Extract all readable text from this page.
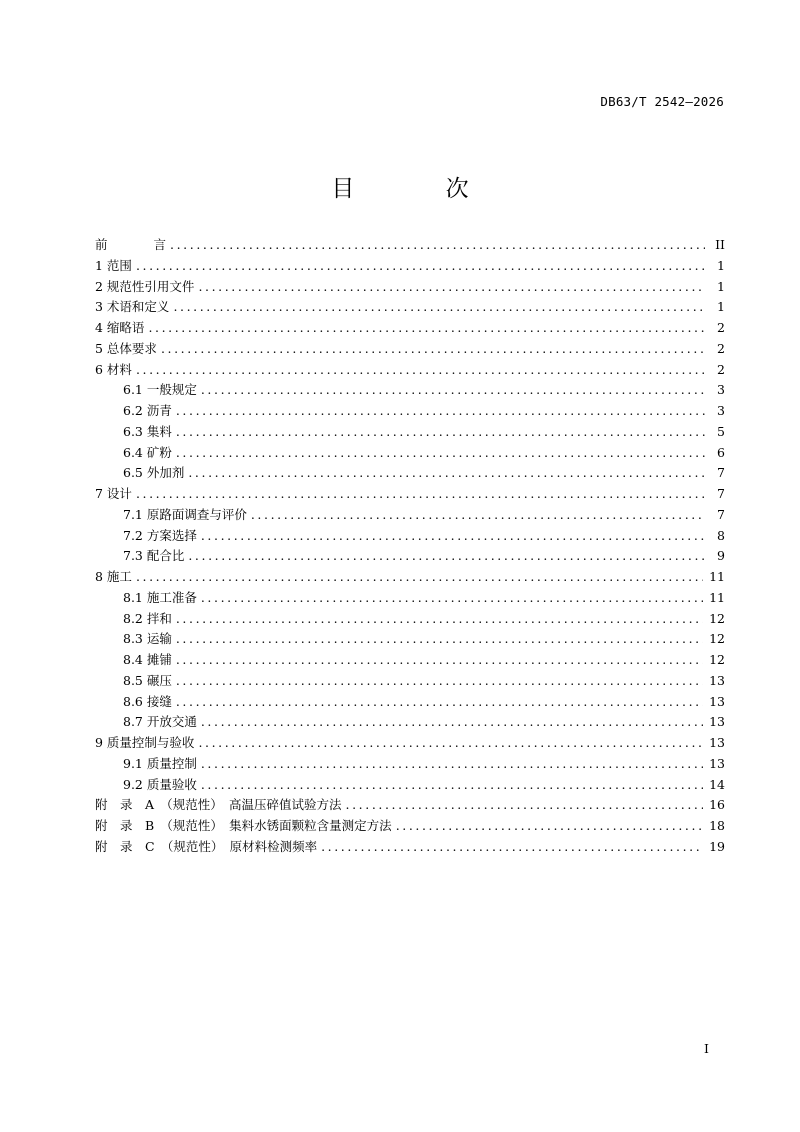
DB63/T 2542—2026
目 次
前	言 .....	II
1 范围 .....	1
2 规范性引用文件 .....	1
3 术语和定义 .....	1
4 缩略语 .....	2
5 总体要求 .....	2
6 材料 .....	2
6.1 一般规定 .....	3
6.2 沥青 .....	3
6.3 集料 .....	5
6.4 矿粉 .....	6
6.5 外加剂 .....	7
7 设计 .....	7
7.1 原路面调查与评价 .....	7
7.2 方案选择 .....	8
7.3 配合比 .....	9
8 施工 .....	11
8.1 施工准备 .....	11
8.2 拌和 .....	12
8.3 运输 .....	12
8.4 摊铺 .....	12
8.5 碾压 .....	13
8.6 接缝 .....	13
8.7 开放交通 .....	13
9 质量控制与验收 .....	13
9.1 质量控制 .....	13
9.2 质量验收 .....	14
附　录　A　（规范性）　高温压碎值试验方法 .....	16
附　录　B　（规范性）　集料水锈面颗粒含量测定方法 .....	18
附　录　C　（规范性）　原材料检测频率 .....	19
I
